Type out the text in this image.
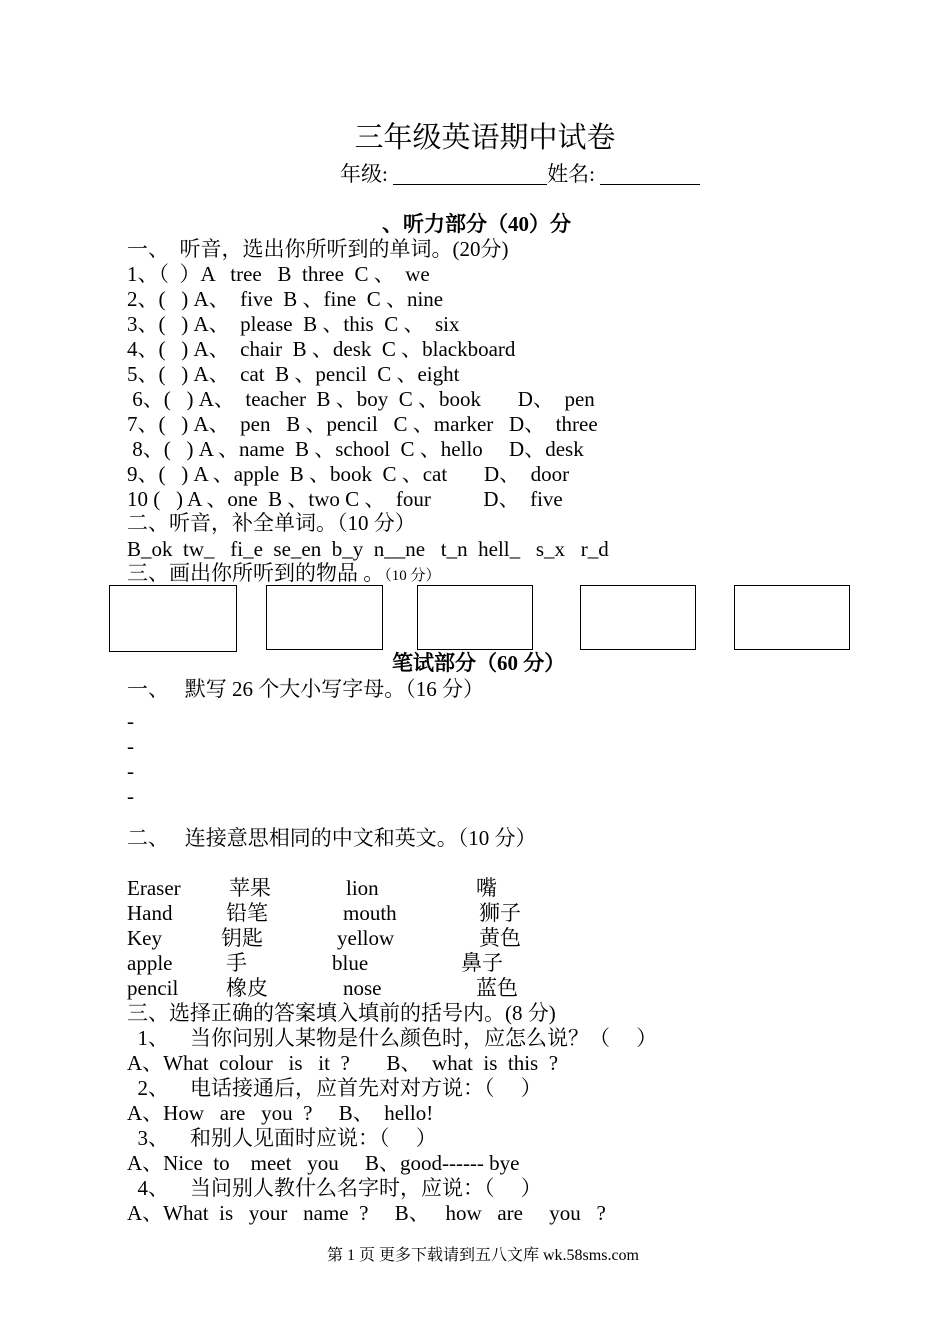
三年级英语期中试卷
年级:	姓名:
、听力部分（40）分
一、  听音，选出你所听到的单词。(20分)
1、（  ）A   tree   B  three  C 、  we
2、(   ) A、  five  B 、fine  C 、nine
3、(   ) A、  please  B 、this  C 、  six
4、(   ) A、  chair  B 、desk  C 、blackboard
5、(   ) A、  cat  B 、pencil  C 、eight
6、(   ) A、  teacher  B 、boy  C 、book       D、  pen
7、(   ) A、  pen   B 、pencil   C 、marker   D、  three
8、(   ) A 、name  B 、school  C 、hello     D、desk
9、(   ) A 、apple  B 、book  C 、cat       D、  door
10 (   ) A 、one  B 、two C 、  four          D、  five
二、听音，补全单词。（10 分）
B_ok  tw_   fi_e  se_en  b_y  n__ne   t_n  hell_   s_x   r_d
三、画出你所听到的物品 。（10 分）
笔试部分（60 分）
一、   默写 26 个大小写字母。（16 分）
-
-
-
-
二、   连接意思相同的中文和英文。（10 分）
Eraser 苹果	lion	嘴
Hand	铅笔	mouth	狮子
Key	钥匙	yellow	黄色
apple	手	blue	鼻子
pencil 橡皮	nose	蓝色
三、选择正确的答案填入填前的括号内。(8 分)
1、    当你问别人某物是什么颜色时，应怎么说？（     ）
A、What  colour   is   it  ?       B、  what  is  this  ?
2、    电话接通后，应首先对对方说：（     ）
A、How   are   you  ?     B、  hello!
3、    和别人见面时应说：（     ）
A、Nice  to    meet   you     B、good------ bye
4、    当问别人教什么名字时，应说：（     ）
A、What  is   your   name  ?     B、   how   are     you   ?
第 1 页 更多下载请到五八文库 wk.58sms.com
